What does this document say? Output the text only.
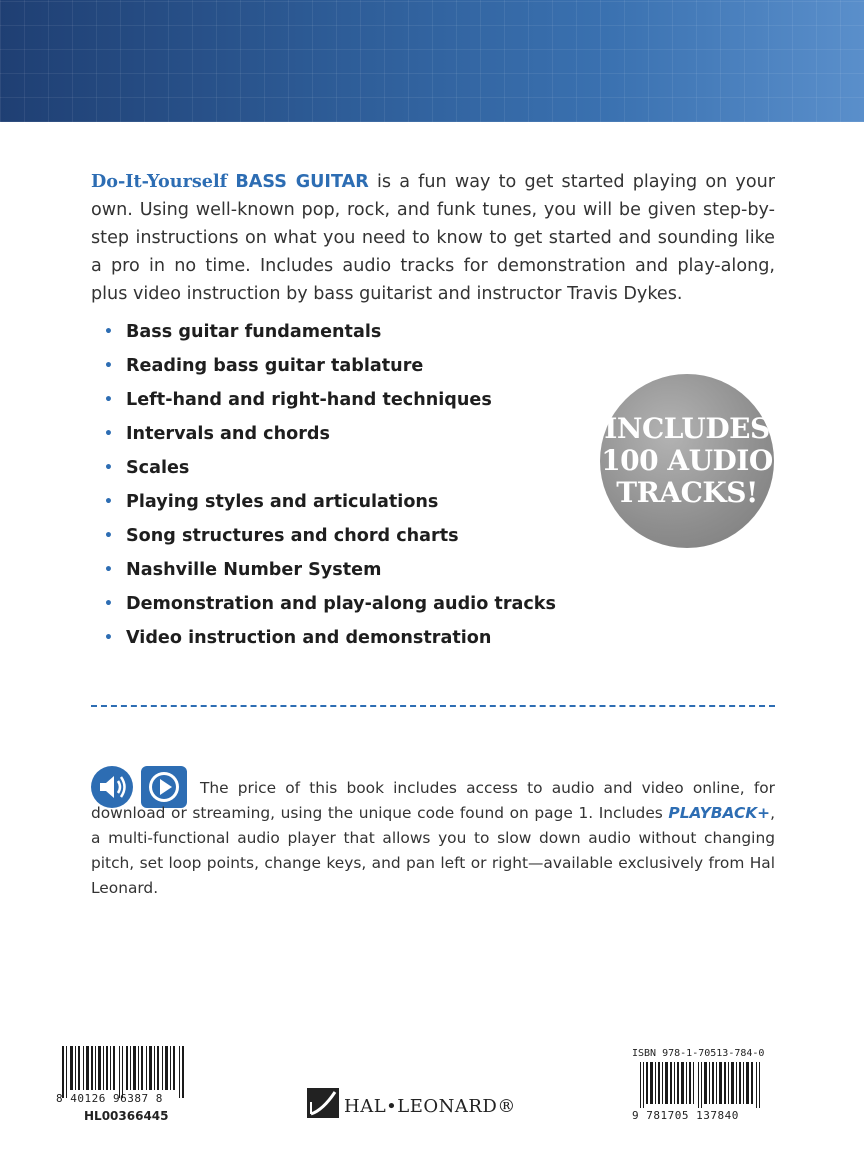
Do-It-Yourself BASS GUITAR is a fun way to get started playing on your own. Using well-known pop, rock, and funk tunes, you will be given step-by-step instructions on what you need to know to get started and sounding like a pro in no time. Includes audio tracks for demonstration and play-along, plus video instruction by bass guitarist and instructor Travis Dykes.

• Bass guitar fundamentals
• Reading bass guitar tablature
• Left-hand and right-hand techniques
• Intervals and chords
• Scales
• Playing styles and articulations
• Song structures and chord charts
• Nashville Number System
• Demonstration and play-along audio tracks
• Video instruction and demonstration
INCLUDES
100 AUDIO
TRACKS!

The price of this book includes access to audio and video online, for download or streaming, using the unique code found on page 1. Includes PLAYBACK+, a multi-functional audio player that allows you to slow down audio without changing pitch, set loop points, change keys, and pan left or right—available exclusively from Hal Leonard.

8 40126 96387 8
HL00366445
ISBN 978-1-70513-784-0
9 781705 137840
HAL•LEONARD®
